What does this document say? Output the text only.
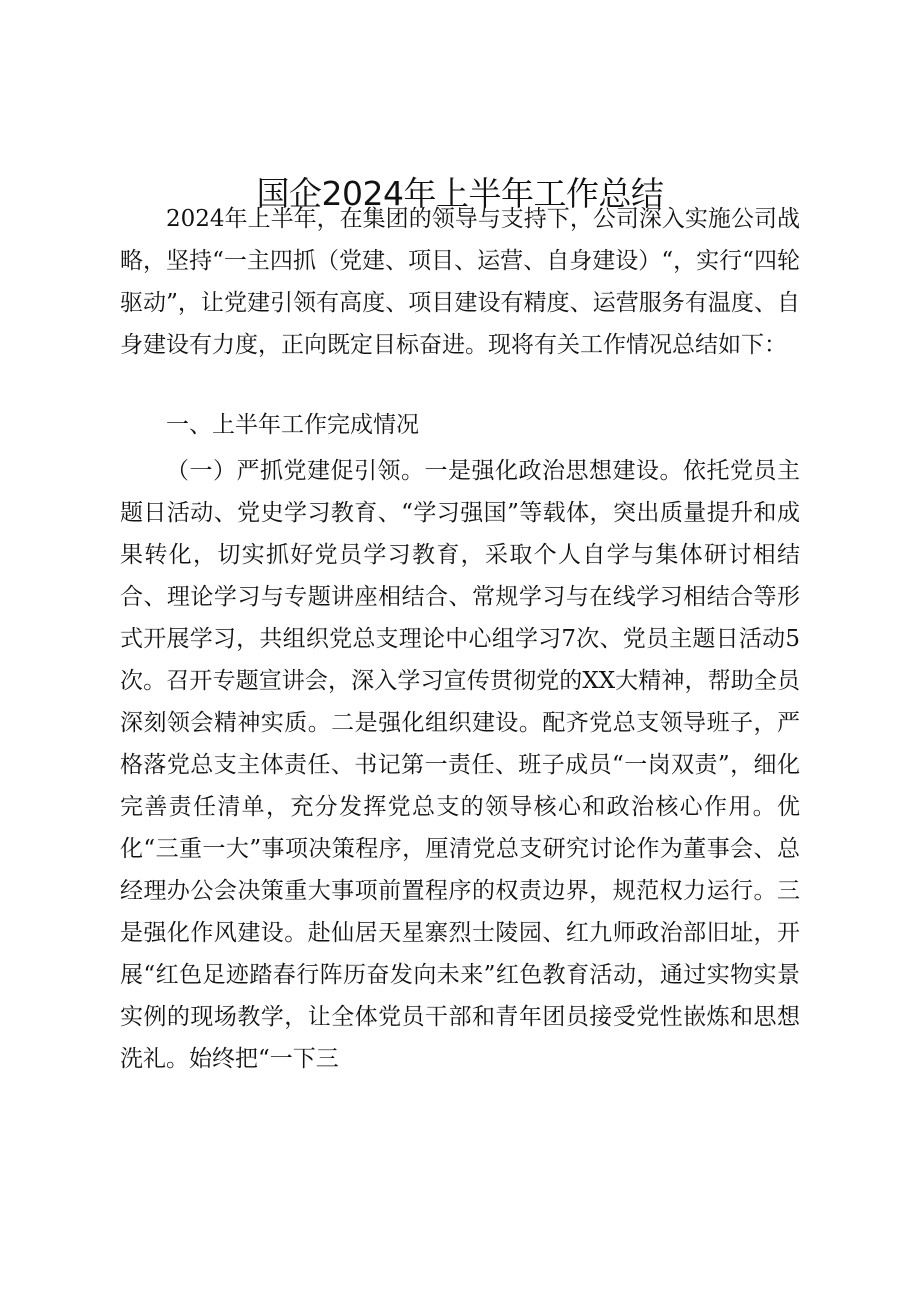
国企2024年上半年工作总结

2024年上半年，在集团的领导与支持下，公司深入实施公司战略，坚持“一主四抓（党建、项目、运营、自身建设）“，实行“四轮驱动”，让党建引领有高度、项目建设有精度、运营服务有温度、自身建设有力度，正向既定目标奋进。现将有关工作情况总结如下：

一、上半年工作完成情况

（一）严抓党建促引领。一是强化政治思想建设。依托党员主题日活动、党史学习教育、“学习强国”等载体，突出质量提升和成果转化，切实抓好党员学习教育，采取个人自学与集体研讨相结合、理论学习与专题讲座相结合、常规学习与在线学习相结合等形式开展学习，共组织党总支理论中心组学习7次、党员主题日活动5次。召开专题宣讲会，深入学习宣传贯彻党的XX大精神，帮助全员深刻领会精神实质。二是强化组织建设。配齐党总支领导班子，严格落党总支主体责任、书记第一责任、班子成员“一岗双责”，细化完善责任清单，充分发挥党总支的领导核心和政治核心作用。优化“三重一大”事项决策程序，厘清党总支研究讨论作为董事会、总经理办公会决策重大事项前置程序的权责边界，规范权力运行。三是强化作风建设。赴仙居天星寨烈士陵园、红九师政治部旧址，开展“红色足迹踏春行阵历奋发向未来”红色教育活动，通过实物实景实例的现场教学，让全体党员干部和青年团员接受党性嵌炼和思想洗礼。始终把“一下三
